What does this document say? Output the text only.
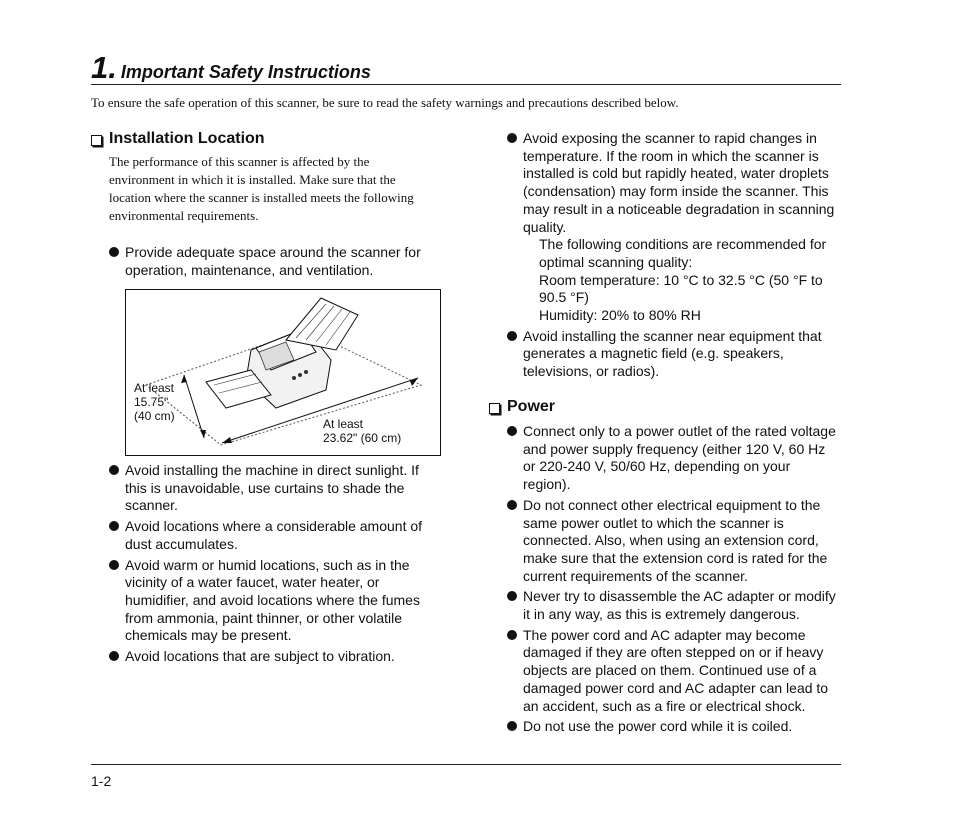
1. Important Safety Instructions
To ensure the safe operation of this scanner, be sure to read the safety warnings and precautions described below.
Installation Location
The performance of this scanner is affected by the
environment in which it is installed. Make sure that the
location where the scanner is installed meets the following
environmental requirements.
Provide adequate space around the scanner for
operation, maintenance, and ventilation.
At least
15.75"
(40 cm)
At least
23.62" (60 cm)
Avoid installing the machine in direct sunlight. If
this is unavoidable, use curtains to shade the
scanner.
Avoid locations where a considerable amount of
dust accumulates.
Avoid warm or humid locations, such as in the
vicinity of a water faucet, water heater, or
humidifier, and avoid locations where the fumes
from ammonia, paint thinner, or other volatile
chemicals may be present.
Avoid locations that are subject to vibration.
Avoid exposing the scanner to rapid changes in
temperature. If the room in which the scanner is
installed is cold but rapidly heated, water droplets
(condensation) may form inside the scanner. This
may result in a noticeable degradation in scanning
quality.
The following conditions are recommended for
optimal scanning quality:
Room temperature: 10 °C to 32.5 °C (50 °F to
90.5 °F)
Humidity: 20% to 80% RH
Avoid installing the scanner near equipment that
generates a magnetic field (e.g. speakers,
televisions, or radios).
Power
Connect only to a power outlet of the rated voltage
and power supply frequency (either 120 V, 60 Hz
or 220-240 V, 50/60 Hz, depending on your
region).
Do not connect other electrical equipment to the
same power outlet to which the scanner is
connected. Also, when using an extension cord,
make sure that the extension cord is rated for the
current requirements of the scanner.
Never try to disassemble the AC adapter or modify
it in any way, as this is extremely dangerous.
The power cord and AC adapter may become
damaged if they are often stepped on or if heavy
objects are placed on them. Continued use of a
damaged power cord and AC adapter can lead to
an accident, such as a fire or electrical shock.
Do not use the power cord while it is coiled.
1-2
